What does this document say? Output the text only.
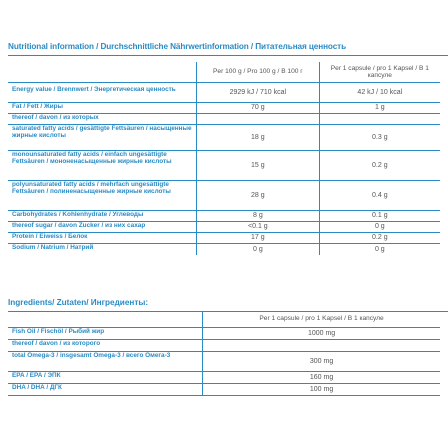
Nutritional information / Durchschnittliche Nährwertinformation / Питательная ценность
	Per 100 g / Pro 100 g / В 100 г	Per 1 capsule / pro 1 Kapsel / В 1 капсуле
Energy value / Brennwert / Энергетическая ценность	2929 kJ / 710 kcal	42 kJ / 10 kcal
Fat / Fett / Жиры	70 g	1 g
thereof / davon / из которых		
saturated fatty acids / gesättigte Fettsäuren / насыщенные жирные кислоты	18 g	0.3 g
monounsaturated fatty acids / einfach ungesättigte Fettsäuren / мононенасыщенные жирные кислоты	15 g	0.2 g
polyunsaturated fatty acids / mehrfach ungesättigte Fettsäuren / полиненасыщенные жирные кислоты	28 g	0.4 g
Carbohydrates / Kohlenhydrate / Углеводы	8 g	0.1 g
thereof sugar / davon Zucker / из них сахар	<0.1 g	0 g
Protein / Eiweiss / Белок	17 g	0.2 g
Sodium / Natrium / Натрий	0 g	0 g
Ingredients/ Zutaten/ Ингредиенты:
	Per 1 capsule / pro 1 Kapsel / В 1 капсуле
Fish Oil / Fischöl / Рыбий жир	1000 mg
thereof / davon / из которого	
total Omega-3 / insgesamt Omega-3 / всего Омега-3	300 mg
EPA / EPA / ЭПК	160 mg
DHA / DHA / ДГК	100 mg
